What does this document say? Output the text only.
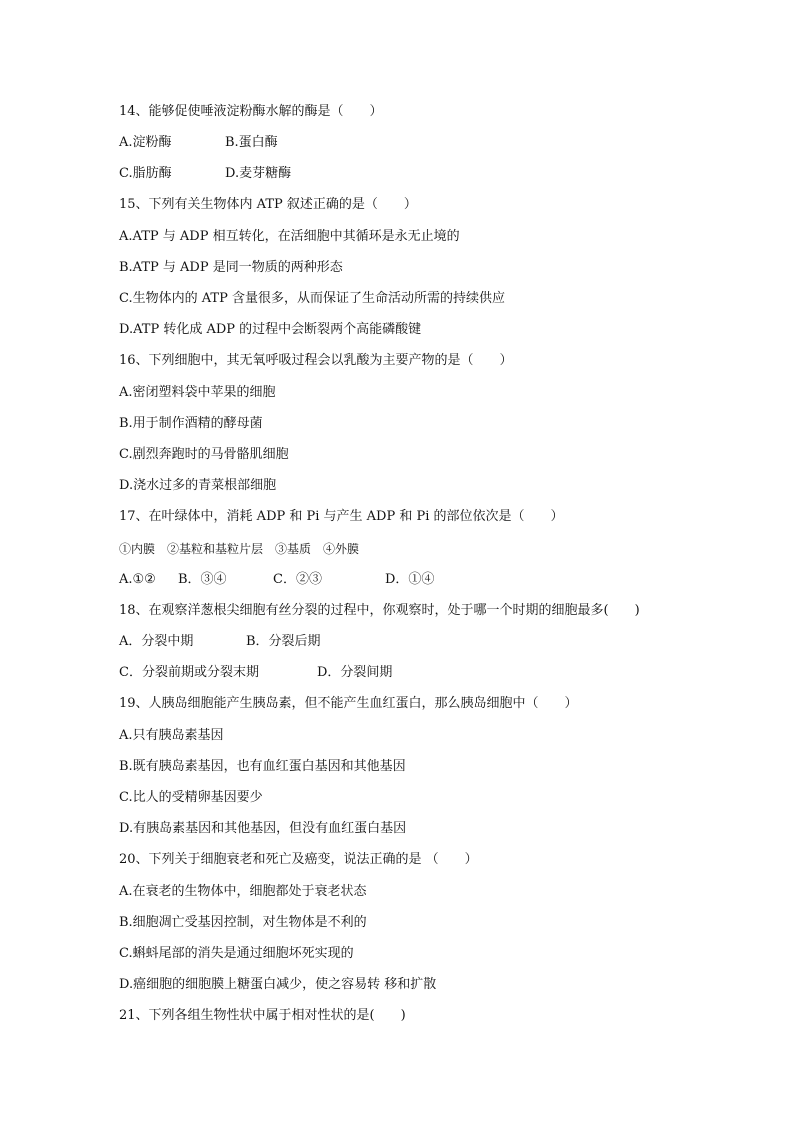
14、能够促使唾液淀粉酶水解的酶是（　　）
A.淀粉酶	B.蛋白酶
C.脂肪酶	D.麦芽糖酶
15、下列有关生物体内 ATP 叙述正确的是（　　）
A.ATP 与 ADP 相互转化，在活细胞中其循环是永无止境的
B.ATP 与 ADP 是同一物质的两种形态
C.生物体内的 ATP 含量很多，从而保证了生命活动所需的持续供应
D.ATP 转化成 ADP 的过程中会断裂两个高能磷酸键
16、下列细胞中，其无氧呼吸过程会以乳酸为主要产物的是（　　）
A.密闭塑料袋中苹果的细胞
B.用于制作酒精的酵母菌
C.剧烈奔跑时的马骨骼肌细胞
D.浇水过多的青菜根部细胞
17、在叶绿体中，消耗 ADP 和 Pi 与产生 ADP 和 Pi 的部位依次是（　　）
①内膜　②基粒和基粒片层　③基质　④外膜
A.①② B．③④	C．②③	D．①④
18、在观察洋葱根尖细胞有丝分裂的过程中，你观察时，处于哪一个时期的细胞最多(　　)
A．分裂中期	B．分裂后期
C．分裂前期或分裂末期	D．分裂间期
19、人胰岛细胞能产生胰岛素，但不能产生血红蛋白，那么胰岛细胞中（　　）
A.只有胰岛素基因
B.既有胰岛素基因，也有血红蛋白基因和其他基因
C.比人的受精卵基因要少
D.有胰岛素基因和其他基因，但没有血红蛋白基因
20、下列关于细胞衰老和死亡及癌变，说法正确的是 （　　）
A.在衰老的生物体中，细胞都处于衰老状态
B.细胞凋亡受基因控制，对生物体是不利的
C.蝌蚪尾部的消失是通过细胞坏死实现的
D.癌细胞的细胞膜上糖蛋白减少，使之容易转 移和扩散
21、下列各组生物性状中属于相对性状的是(　　)
